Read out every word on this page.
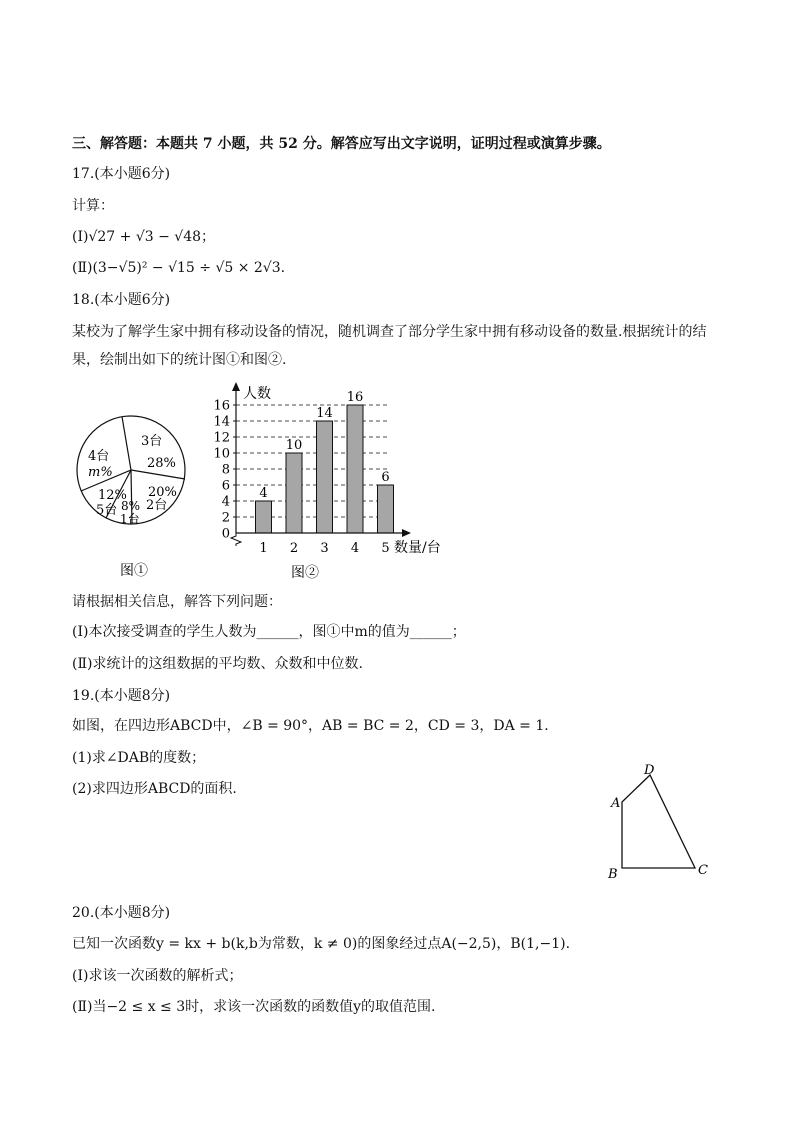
三、解答题：本题共 7 小题，共 52 分。解答应写出文字说明，证明过程或演算步骤。
17.(本小题6分)
计算：
(Ⅰ)√27 + √3 − √48；
(Ⅱ)(3−√5)² − √15 ÷ √5 × 2√3.
18.(本小题6分)
某校为了解学生家中拥有移动设备的情况，随机调查了部分学生家中拥有移动设备的数量.根据统计的结果，绘制出如下的统计图①和图②.
3台
28%
4台
m%
20%
2台
12%
5台 8%
1台
图①
4
10
14
16
6
0
2
4
6
8
10
12
14
16
1 2 3 4 5
人数
数量/台
图②
请根据相关信息，解答下列问题：
(Ⅰ)本次接受调查的学生人数为______，图①中m的值为______；
(Ⅱ)求统计的这组数据的平均数、众数和中位数.
19.(本小题8分)
如图，在四边形ABCD中，∠B = 90°，AB = BC = 2，CD = 3，DA = 1.
(1)求∠DAB的度数；
(2)求四边形ABCD的面积.
A
D
B	C
20.(本小题8分)
已知一次函数y = kx + b(k,b为常数，k ≠ 0)的图象经过点A(−2,5)，B(1,−1).
(Ⅰ)求该一次函数的解析式；
(Ⅱ)当−2 ≤ x ≤ 3时，求该一次函数的函数值y的取值范围.
